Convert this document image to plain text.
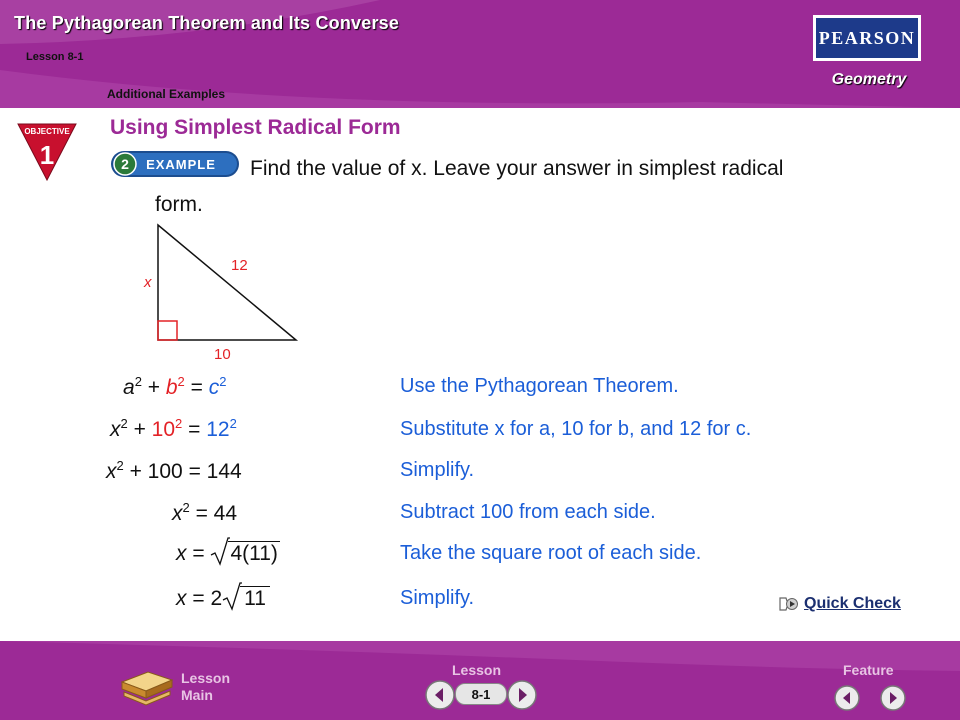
The Pythagorean Theorem and Its Converse
Lesson 8-1
Additional Examples
PEARSON
Geometry
OBJECTIVE
1
Using Simplest Radical Form
2 EXAMPLE Find the value of x. Leave your answer in simplest radical
form.
x
12
10
$a^2 + b^2 = c^2$	Use the Pythagorean Theorem.
$x^2 + 10^2 = 12^2$	Substitute x for a, 10 for b, and 12 for c.
$x^2 + 100 = 144$	Simplify.
$x^2 = 44$	Subtract 100 from each side.
x = 4(11)	Take the square root of each side.
x = 2 11	Simplify.	Quick Check
Lesson
Main
Lesson
8-1
Feature
